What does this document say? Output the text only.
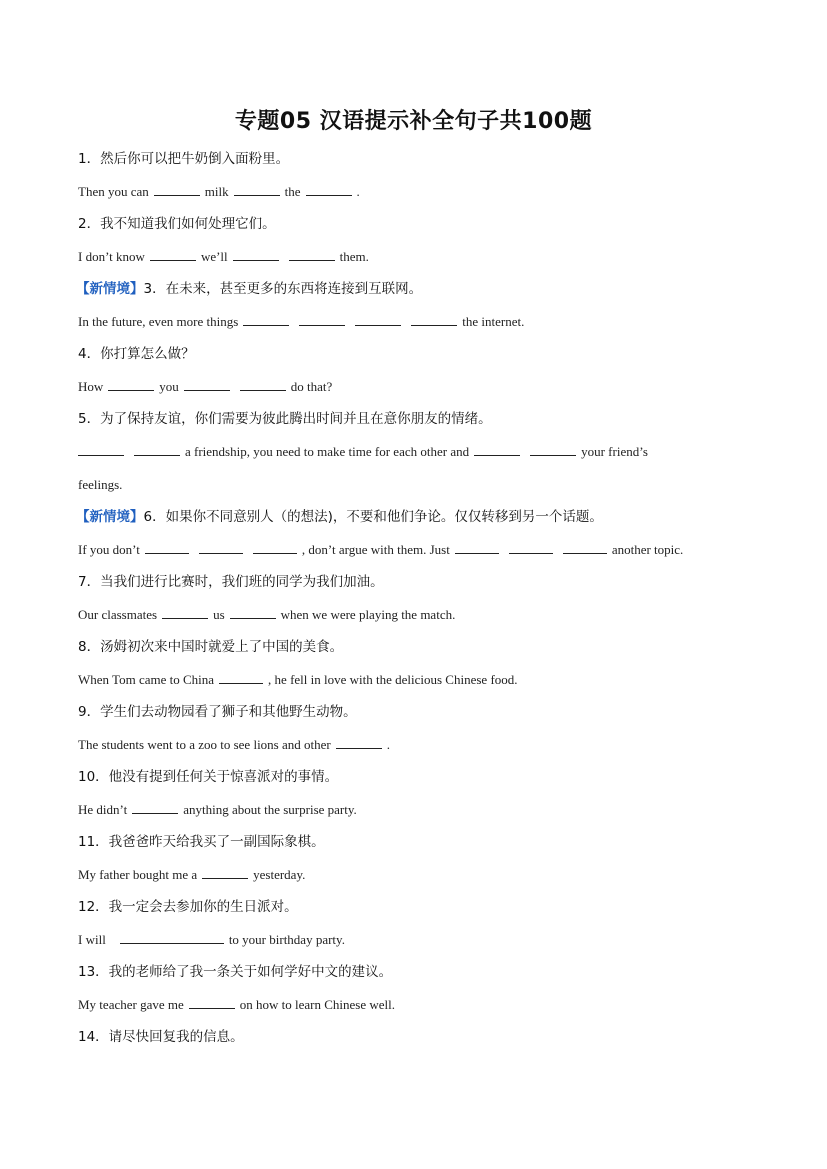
专题05 汉语提示补全句子共100题
1．然后你可以把牛奶倒入面粉里。
Then you can	milk	the	.
2．我不知道我们如何处理它们。
I don’t know	we’ll	them.
【新情境】3．在未来，甚至更多的东西将连接到互联网。
In the future, even more things	the internet.
4．你打算怎么做？
How	you	do that?
5．为了保持友谊，你们需要为彼此腾出时间并且在意你朋友的情绪。
a friendship, you need to make time for each other and	your friend’s
feelings.
【新情境】6．如果你不同意别人（的想法)，不要和他们争论。仅仅转移到另一个话题。
If you don’t	, don’t argue with them. Just	another topic.
7．当我们进行比赛时，我们班的同学为我们加油。
Our classmates	us	when we were playing the match.
8．汤姆初次来中国时就爱上了中国的美食。
When Tom came to China	, he fell in love with the delicious Chinese food.
9．学生们去动物园看了狮子和其他野生动物。
The students went to a zoo to see lions and other	.
10．他没有提到任何关于惊喜派对的事情。
He didn’t	anything about the surprise party.
11．我爸爸昨天给我买了一副国际象棋。
My father bought me a	yesterday.
12．我一定会去参加你的生日派对。
I will	to your birthday party.
13．我的老师给了我一条关于如何学好中文的建议。
My teacher gave me	on how to learn Chinese well.
14．请尽快回复我的信息。
